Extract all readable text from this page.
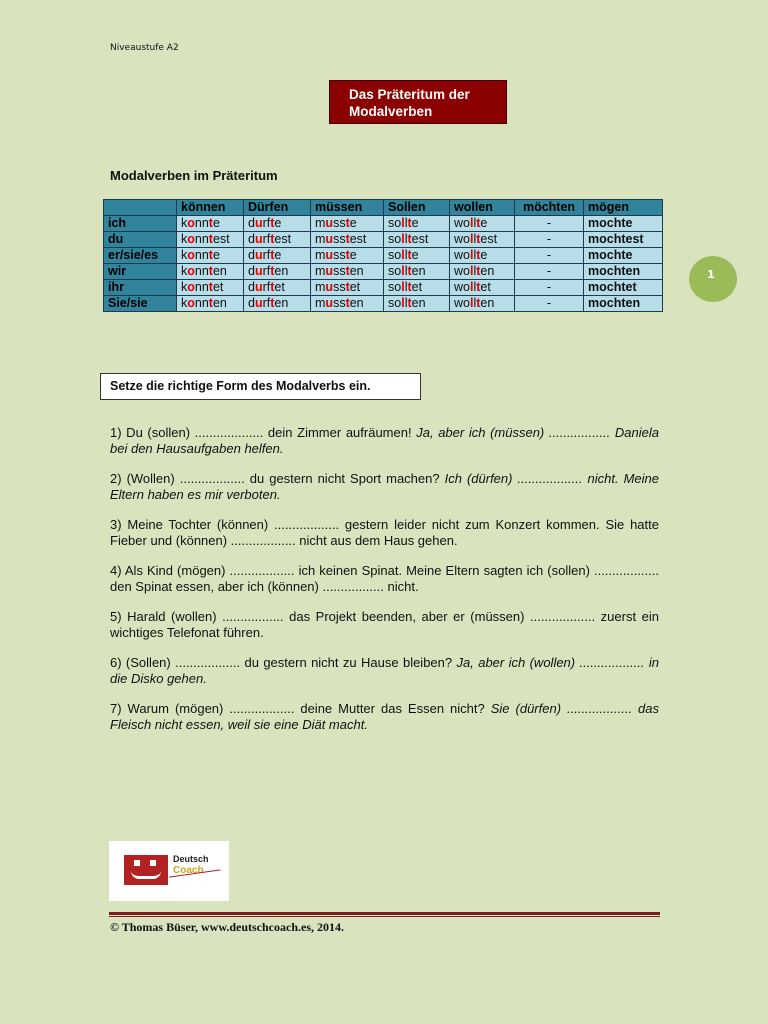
Niveaustufe A2
Das Präteritum der
Modalverben
Modalverben im Präteritum
	können	Dürfen	müssen	Sollen	wollen	möchten	mögen
ich	konnte	durfte	musste	sollte	wollte	-	mochte
du	konntest	durftest	musstest	solltest	wolltest	-	mochtest
er/sie/es	konnte	durfte	musste	sollte	wollte	-	mochte
wir	konnten	durften	mussten	sollten	wollten	-	mochten
ihr	konntet	durftet	musstet	solltet	wolltet	-	mochtet
Sie/sie	konnten	durften	mussten	sollten	wollten	-	mochten
1
Setze die richtige Form des Modalverbs ein.

1) Du (sollen) ................... dein Zimmer aufräumen! Ja, aber ich (müssen) ................. Daniela bei den Hausaufgaben helfen.

2) (Wollen) .................. du gestern nicht Sport machen? Ich (dürfen) .................. nicht. Meine Eltern haben es mir verboten.

3) Meine Tochter (können) .................. gestern leider nicht zum Konzert kommen. Sie hatte Fieber und (können) .................. nicht aus dem Haus gehen.

4) Als Kind (mögen) .................. ich keinen Spinat. Meine Eltern sagten ich (sollen) .................. den Spinat essen, aber ich (können) ................. nicht.

5) Harald (wollen) ................. das Projekt beenden, aber er (müssen) .................. zuerst ein wichtiges Telefonat führen.

6) (Sollen) .................. du gestern nicht zu Hause bleiben? Ja, aber ich (wollen) .................. in die Disko gehen.

7) Warum (mögen) .................. deine Mutter das Essen nicht? Sie (dürfen) .................. das Fleisch nicht essen, weil sie eine Diät macht.

Deutsch
Coach
© Thomas Büser, www.deutschcoach.es, 2014.
